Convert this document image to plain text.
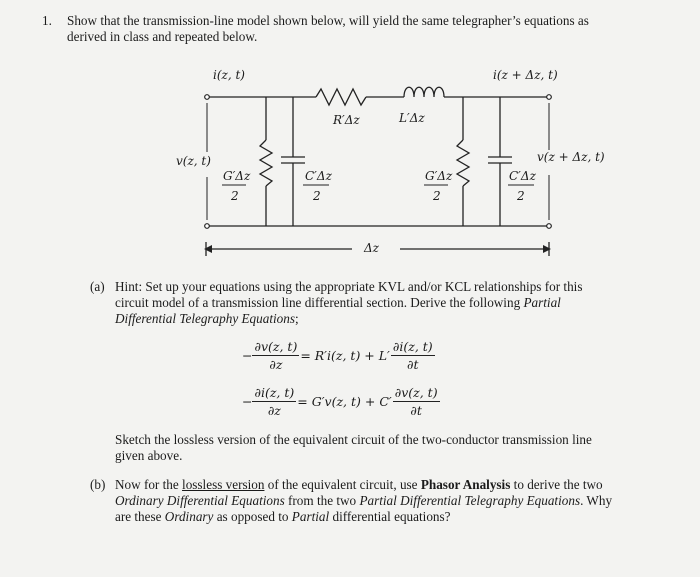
1. Show that the transmission-line model shown below, will yield the same telegrapher’s equations as
derived in class and repeated below.
i(z, t)	i(z + Δz, t)
R′Δz	L′Δz
v(z, t)	v(z + Δz, t)
G′Δz
2
C′Δz
2
G′Δz
2
C′Δz
2
Δz
(a) Hint: Set up your equations using the appropriate KVL and/or KCL relationships for this
circuit model of a transmission line differential section. Derive the following Partial
Differential Telegraphy Equations;
− $\frac{\partial v(z, t)}{\partial z} = R'i(z$, $t) + L' \frac{\partial i(z, t)}{\partial t}$
− $\frac{\partial i(z, t)}{\partial z} = G'v(z$, $t) + C' \frac{\partial v(z, t)}{\partial t}$
Sketch the lossless version of the equivalent circuit of the two-conductor transmission line
given above.
(b) Now for the lossless version of the equivalent circuit, use Phasor Analysis to derive the two
Ordinary Differential Equations from the two Partial Differential Telegraphy Equations. Why
are these Ordinary as opposed to Partial differential equations?
